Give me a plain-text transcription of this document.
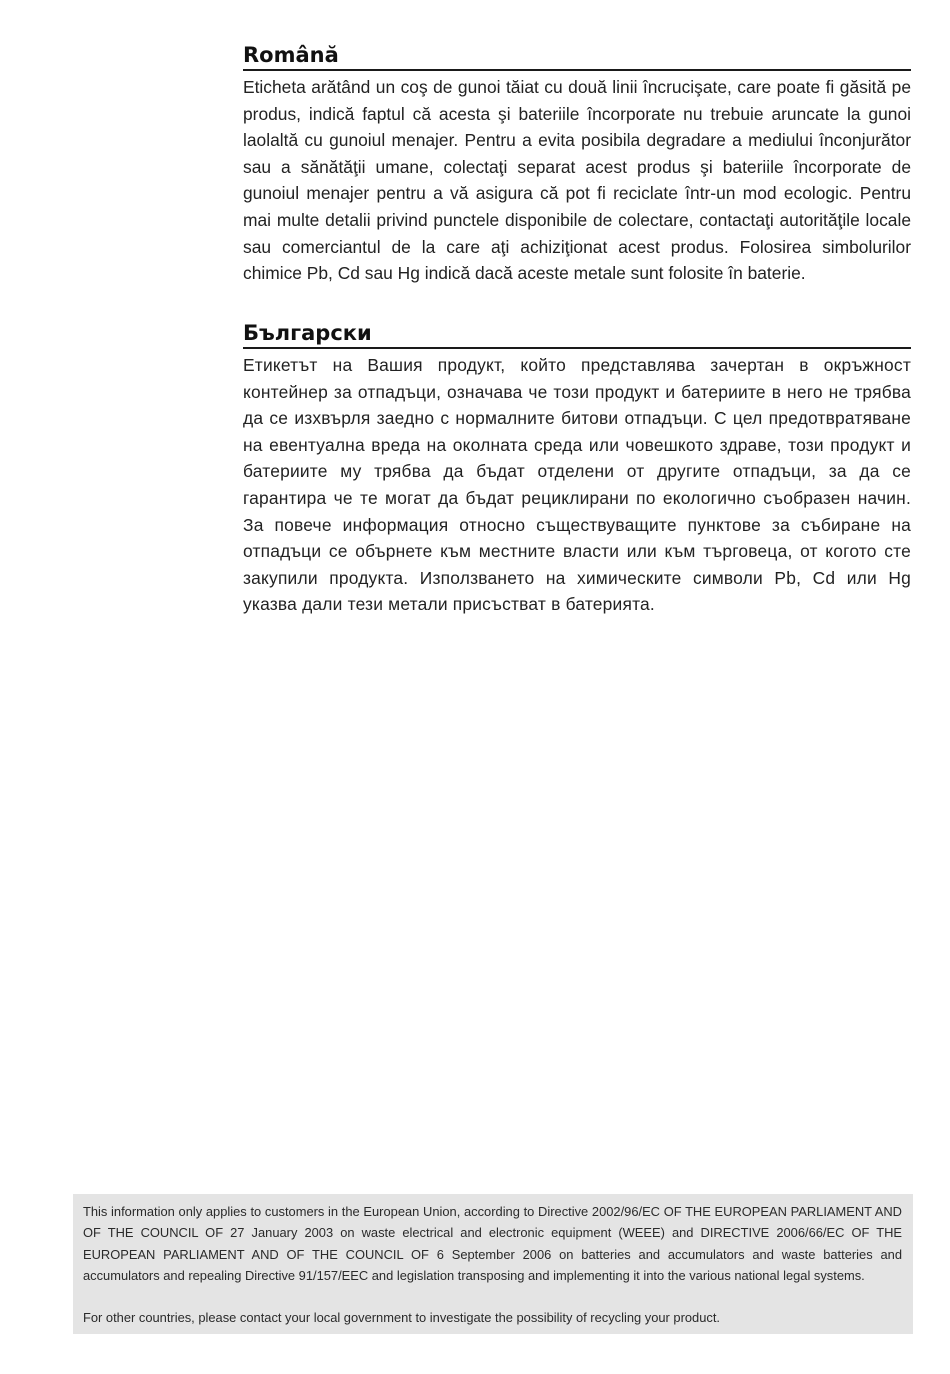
Română

Eticheta arătând un coş de gunoi tăiat cu două linii încrucişate, care poate fi găsită pe produs, indică faptul că acesta şi bateriile încorporate nu trebuie aruncate la gunoi laolaltă cu gunoiul menajer. Pentru a evita posibila degradare a mediului înconjurător sau a sănătăţii umane, colectaţi separat acest produs şi bateriile încorporate de gunoiul menajer pentru a vă asigura că pot fi reciclate într-un mod ecologic. Pentru mai multe detalii privind punctele disponibile de colectare, contactaţi autorităţile locale sau comerciantul de la care aţi achiziţionat acest produs. Folosirea simbolurilor chimice Pb, Cd sau Hg indică dacă aceste metale sunt folosite în baterie.

Български

Етикетът на Вашия продукт, който представлява зачертан в окръжност контейнер за отпадъци, означава че този продукт и батериите в него не трябва да се изхвърля заедно с нормалните битови отпадъци. С цел предотвратяване на евентуална вреда на околната среда или човешкото здраве, този продукт и батериите му трябва да бъдат отделени от другите отпадъци, за да се гарантира че те могат да бъдат рециклирани по екологично съобразен начин. За повече информация относно съществуващите пунктове за събиране на отпадъци се обърнете към местните власти или към търговеца, от когото сте закупили продукта. Използването на химическите символи Pb, Cd или Hg указва дали тези метали присъстват в батерията.

This information only applies to customers in the European Union, according to Directive 2002/96/EC OF THE EUROPEAN PARLIAMENT AND OF THE COUNCIL OF 27 January 2003 on waste electrical and electronic equipment (WEEE) and DIRECTIVE 2006/66/EC OF THE EUROPEAN PARLIAMENT AND OF THE COUNCIL OF 6 September 2006 on batteries and accumulators and waste batteries and accumulators and repealing Directive 91/157/EEC and legislation transposing and implementing it into the various national legal systems.

For other countries, please contact your local government to investigate the possibility of recycling your product.
